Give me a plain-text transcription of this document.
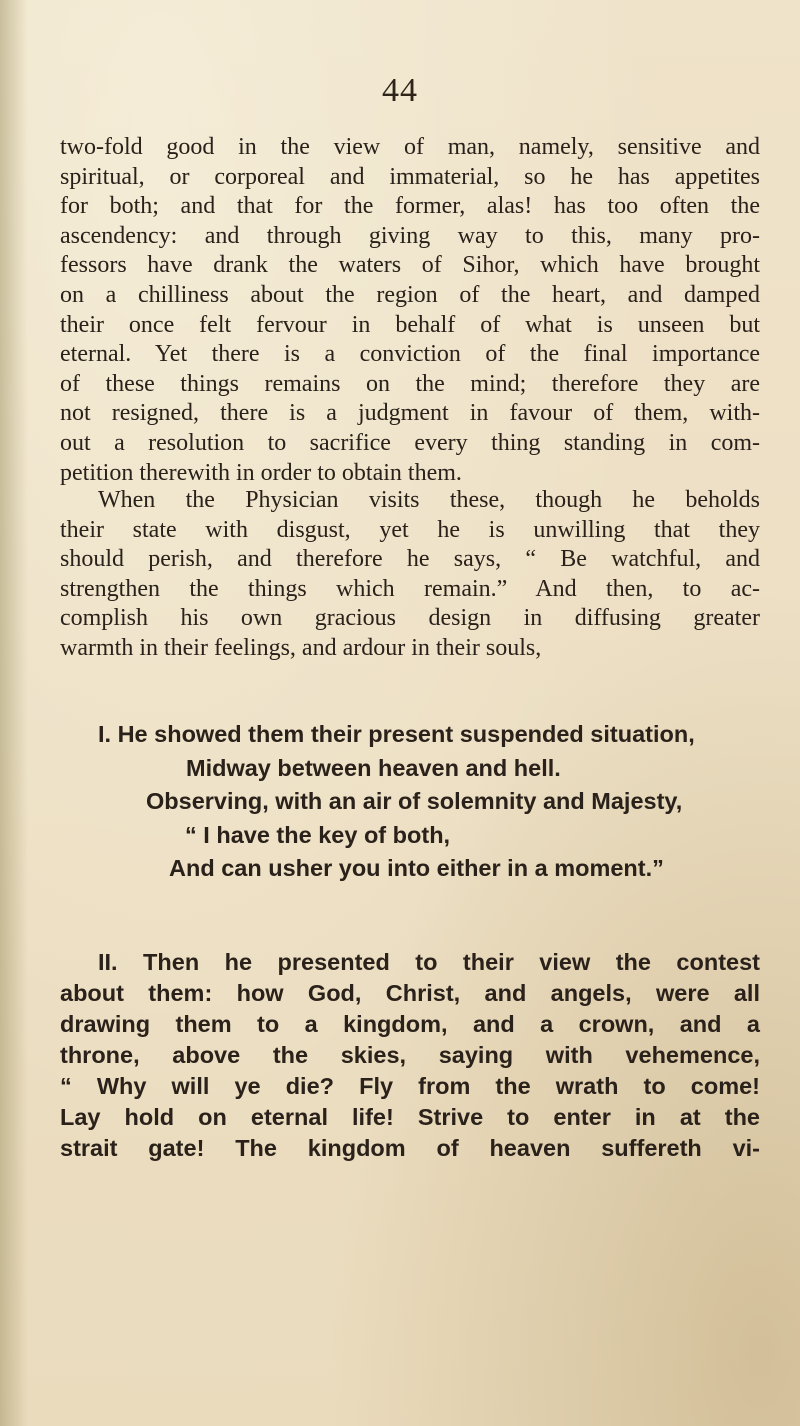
44
two-fold good in the view of man, namely, sensitive and
spiritual, or corporeal and immaterial, so he has appetites
for both; and that for the former, alas! has too often the
ascendency: and through giving way to this, many pro-
fessors have drank the waters of Sihor, which have brought
on a chilliness about the region of the heart, and damped
their once felt fervour in behalf of what is unseen but
eternal. Yet there is a conviction of the final importance
of these things remains on the mind; therefore they are
not resigned, there is a judgment in favour of them, with-
out a resolution to sacrifice every thing standing in com-
petition therewith in order to obtain them.
When the Physician visits these, though he beholds
their state with disgust, yet he is unwilling that they
should perish, and therefore he says, “ Be watchful, and
strengthen the things which remain.” And then, to ac-
complish his own gracious design in diffusing greater
warmth in their feelings, and ardour in their souls,
I. He showed them their present suspended situation,
Midway between heaven and hell.
Observing, with an air of solemnity and Majesty,
“ I have the key of both,
And can usher you into either in a moment.”
II. Then he presented to their view the contest
about them: how God, Christ, and angels, were all
drawing them to a kingdom, and a crown, and a
throne, above the skies, saying with vehemence,
“ Why will ye die? Fly from the wrath to come!
Lay hold on eternal life! Strive to enter in at the
strait gate! The kingdom of heaven suffereth vi-
